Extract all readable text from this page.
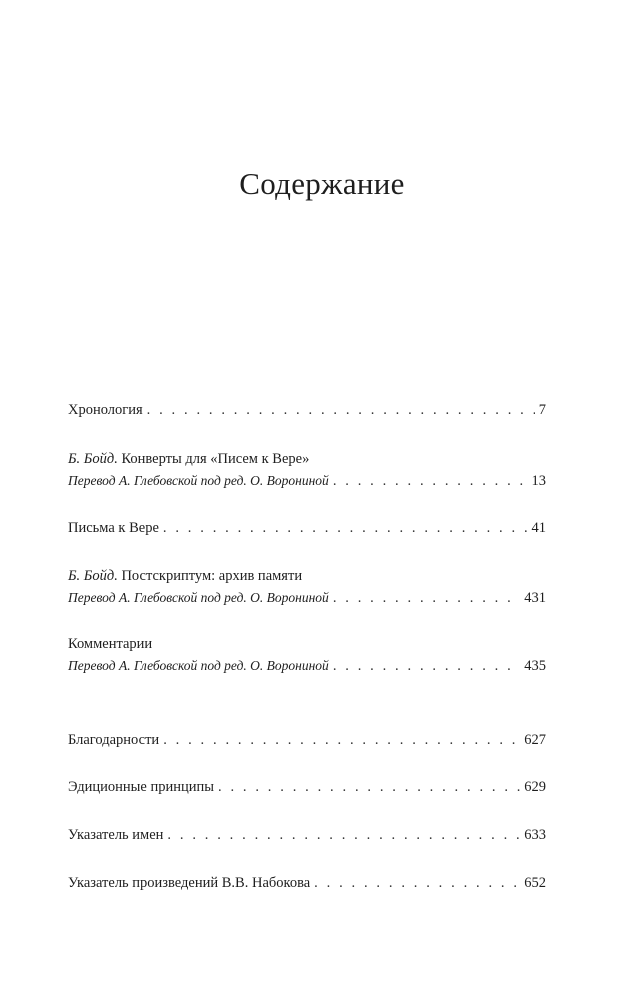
Содержание
Хронология . . .	7
Б. Бойд. Конверты для «Писем к Вере»
Перевод А. Глебовской под ред. О. Ворониной . . .	13
Письма к Вере . . .	41
Б. Бойд. Постскриптум: архив памяти
Перевод А. Глебовской под ред. О. Ворониной . . .	431
Комментарии
Перевод А. Глебовской под ред. О. Ворониной . . .	435
Благодарности . . .	627
Эдиционные принципы . . .	629
Указатель имен . . .	633
Указатель произведений В.В. Набокова . . .	652
